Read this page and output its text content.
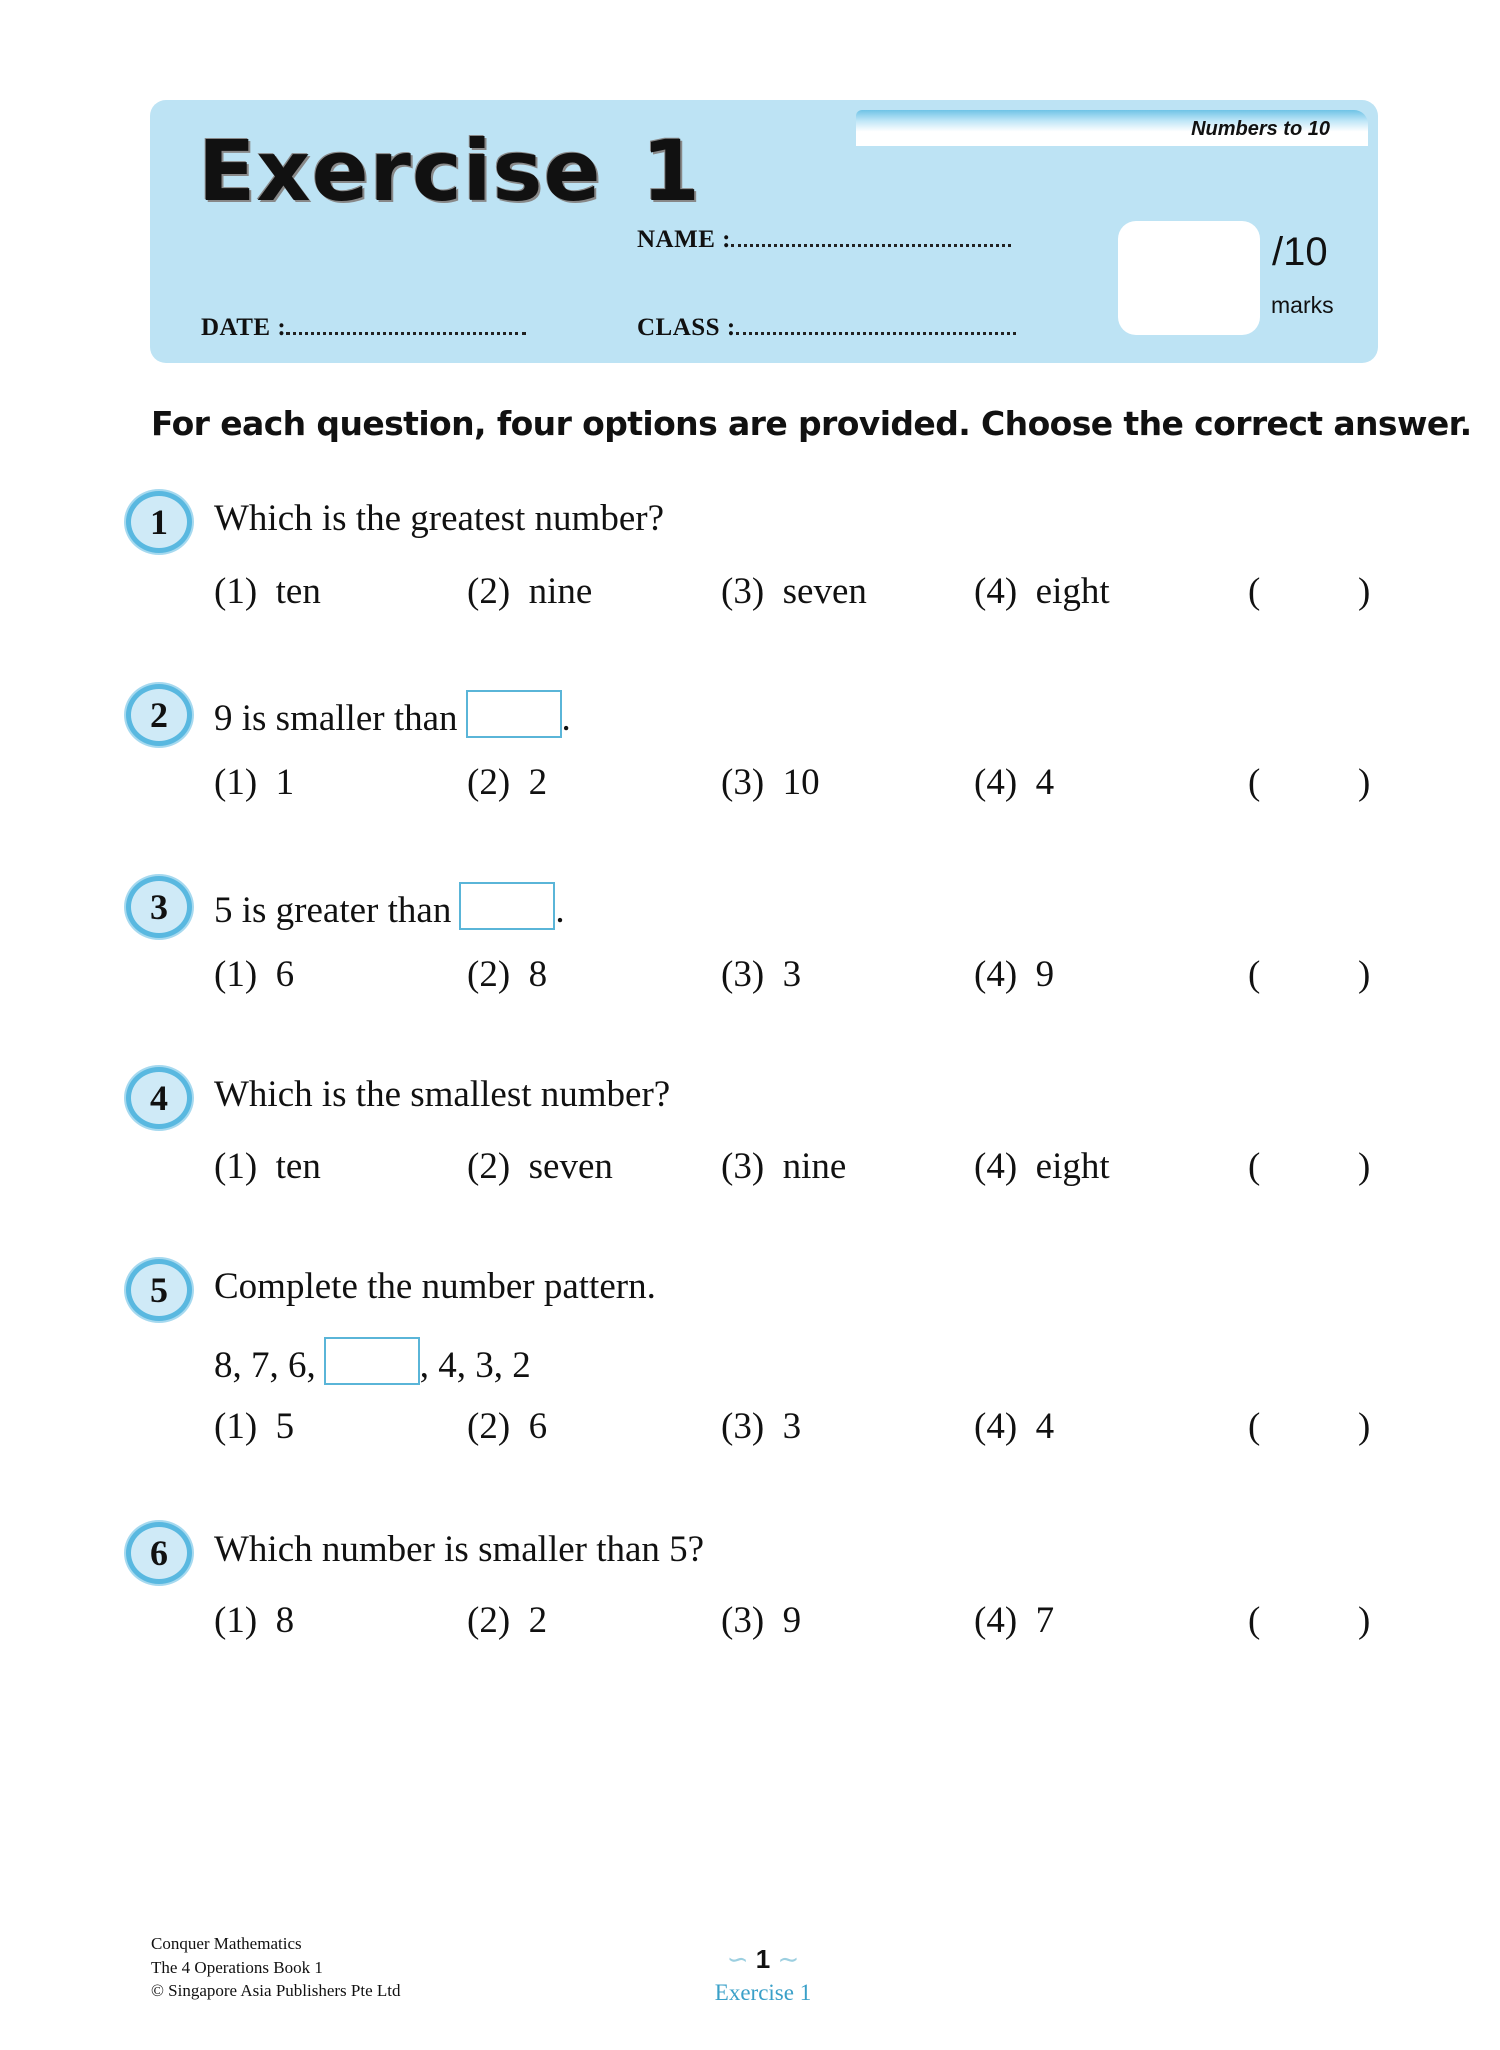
Numbers to 10
Exercise 1
NAME :
DATE :	CLASS :
/10
marks
For each question, four options are provided. Choose the correct answer.
1	Which is the greatest number?
(1)  ten	(2)  nine	(3)  seven	(4)  eight	(	)
2	9 is smaller than	.
(1)  1	(2)  2	(3)  10	(4)  4	(	)
3	5 is greater than	.
(1)  6	(2)  8	(3)  3	(4)  9	(	)
4	Which is the smallest number?
(1)  ten	(2)  seven	(3)  nine	(4)  eight	(	)
5	Complete the number pattern.
8, 7, 6,	, 4, 3, 2
(1)  5	(2)  6	(3)  3	(4)  4	(	)
6	Which number is smaller than 5?
(1)  8	(2)  2	(3)  9	(4)  7	(	)
Conquer Mathematics
The 4 Operations Book 1
© Singapore Asia Publishers Pte Ltd
∽ 1 ∼
Exercise 1
